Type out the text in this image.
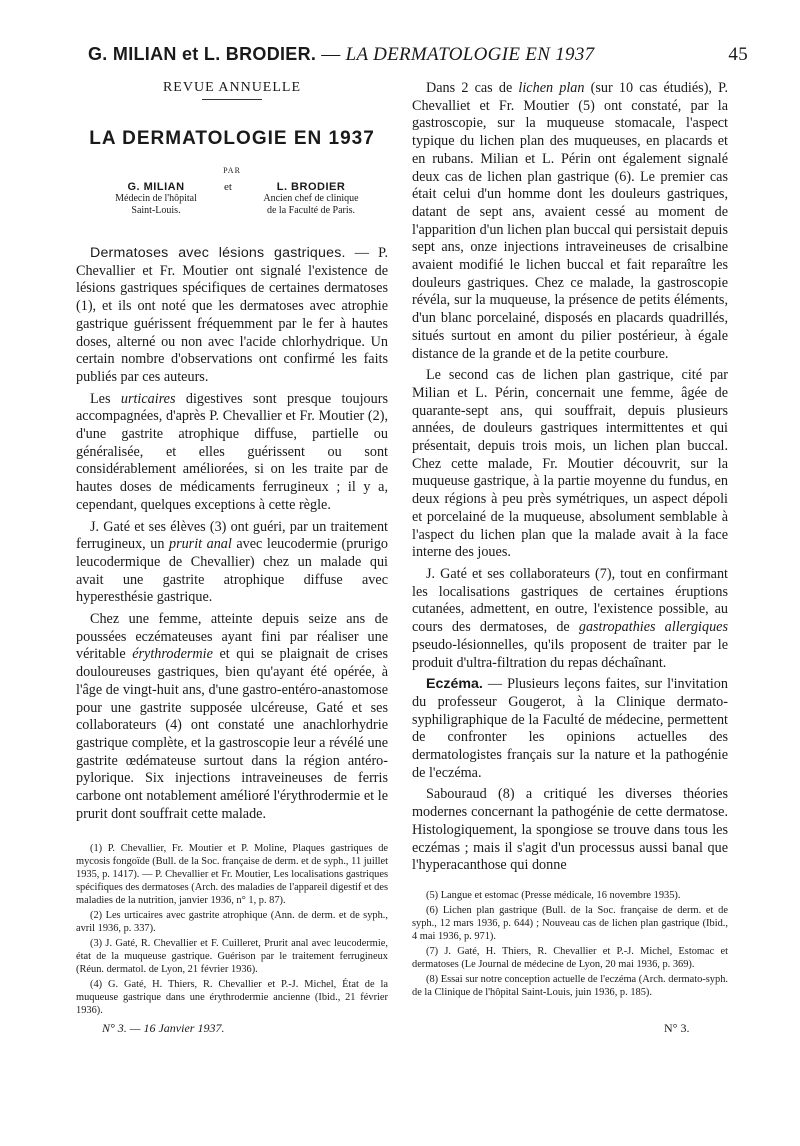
G. MILIAN et L. BRODIER. — LA DERMATOLOGIE EN 1937	45
REVUE ANNUELLE
LA DERMATOLOGIE EN 1937
PAR
G. MILIAN
Médecin de l'hôpital
Saint-Louis.
et	L. BRODIER
Ancien chef de clinique
de la Faculté de Paris.

Dermatoses avec lésions gastriques. — P. Chevallier et Fr. Moutier ont signalé l'existence de lésions gastriques spécifiques de certaines dermatoses (1), et ils ont noté que les dermatoses avec atrophie gastrique guérissent fréquemment par le fer à hautes doses, alterné ou non avec l'acide chlorhydrique. Un certain nombre d'observations ont confirmé les faits publiés par ces auteurs.

Les urticaires digestives sont presque toujours accompagnées, d'après P. Chevallier et Fr. Moutier (2), d'une gastrite atrophique diffuse, partielle ou généralisée, et elles guérissent ou sont considérablement améliorées, si on les traite par de hautes doses de médicaments ferrugineux ; il y a, cependant, quelques exceptions à cette règle.

J. Gaté et ses élèves (3) ont guéri, par un traitement ferrugineux, un prurit anal avec leucodermie (prurigo leucodermique de Chevallier) chez un malade qui avait une gastrite atrophique diffuse avec hyperesthésie gastrique.

Chez une femme, atteinte depuis seize ans de poussées eczémateuses ayant fini par réaliser une véritable érythrodermie et qui se plaignait de crises douloureuses gastriques, bien qu'ayant été opérée, à l'âge de vingt-huit ans, d'une gastro-entéro-anastomose pour une gastrite supposée ulcéreuse, Gaté et ses collaborateurs (4) ont constaté une anachlorhydrie gastrique complète, et la gastroscopie leur a révélé une gastrite œdémateuse surtout dans la région antéro-pylorique. Six injections intraveineuses de ferris carbone ont notablement amélioré l'érythrodermie et le prurit dont souffrait cette malade.

(1) P. Chevallier, Fr. Moutier et P. Moline, Plaques gastriques de mycosis fongoïde (Bull. de la Soc. française de derm. et de syph., 11 juillet 1935, p. 1417). — P. Chevallier et Fr. Moutier, Les localisations gastriques spécifiques des dermatoses (Arch. des maladies de l'appareil digestif et des maladies de la nutrition, janvier 1936, n° 1, p. 87).

(2) Les urticaires avec gastrite atrophique (Ann. de derm. et de syph., avril 1936, p. 337).

(3) J. Gaté, R. Chevallier et F. Cuilleret, Prurit anal avec leucodermie, état de la muqueuse gastrique. Guérison par le traitement ferrugineux (Réun. dermatol. de Lyon, 21 février 1936).

(4) G. Gaté, H. Thiers, R. Chevallier et P.-J. Michel, État de la muqueuse gastrique dans une érythrodermie ancienne (Ibid., 21 février 1936).

Dans 2 cas de lichen plan (sur 10 cas étudiés), P. Chevalliet et Fr. Moutier (5) ont constaté, par la gastroscopie, sur la muqueuse stomacale, l'aspect typique du lichen plan des muqueuses, en placards et en rubans. Milian et L. Périn ont également signalé deux cas de lichen plan gastrique (6). Le premier cas était celui d'un homme dont les douleurs gastriques, datant de sept ans, avaient cessé au moment de l'apparition d'un lichen plan buccal qui persistait depuis sept ans, onze injections intraveineuses de crisalbine avaient modifié le lichen buccal et fait reparaître les douleurs gastriques. Chez ce malade, la gastroscopie révéla, sur la muqueuse, la présence de petits éléments, d'un blanc porcelainé, disposés en placards quadrillés, situés surtout en amont du pilier postérieur, à égale distance de la grande et de la petite courbure.

Le second cas de lichen plan gastrique, cité par Milian et L. Périn, concernait une femme, âgée de quarante-sept ans, qui souffrait, depuis plusieurs années, de douleurs gastriques intermittentes et qui présentait, depuis trois mois, un lichen plan buccal. Chez cette malade, Fr. Moutier découvrit, sur la muqueuse gastrique, à la partie moyenne du fundus, en deux régions à peu près symétriques, un aspect dépoli et porcelainé de la muqueuse, absolument semblable à l'aspect du lichen plan que la malade avait à la face interne des joues.

J. Gaté et ses collaborateurs (7), tout en confirmant les localisations gastriques de certaines éruptions cutanées, admettent, en outre, l'existence possible, au cours des dermatoses, de gastropathies allergiques pseudo-lésionnelles, qu'ils proposent de traiter par le produit d'ultra-filtration du repas déchaînant.

Eczéma. — Plusieurs leçons faites, sur l'invitation du professeur Gougerot, à la Clinique dermato-syphiligraphique de la Faculté de médecine, permettent de confronter les opinions actuelles des dermatologistes français sur la nature et la pathogénie de l'eczéma.

Sabouraud (8) a critiqué les diverses théories modernes concernant la pathogénie de cette dermatose. Histologiquement, la spongiose se trouve dans tous les eczémas ; mais il s'agit d'un processus aussi banal que l'hyperacanthose qui donne

(5) Langue et estomac (Presse médicale, 16 novembre 1935).

(6) Lichen plan gastrique (Bull. de la Soc. française de derm. et de syph., 12 mars 1936, p. 644) ; Nouveau cas de lichen plan gastrique (Ibid., 4 mai 1936, p. 971).

(7) J. Gaté, H. Thiers, R. Chevallier et P.-J. Michel, Estomac et dermatoses (Le Journal de médecine de Lyon, 20 mai 1936, p. 369).

(8) Essai sur notre conception actuelle de l'eczéma (Arch. dermato-syph. de la Clinique de l'hôpital Saint-Louis, juin 1936, p. 185).

N° 3. — 16 Janvier 1937.	N° 3.
